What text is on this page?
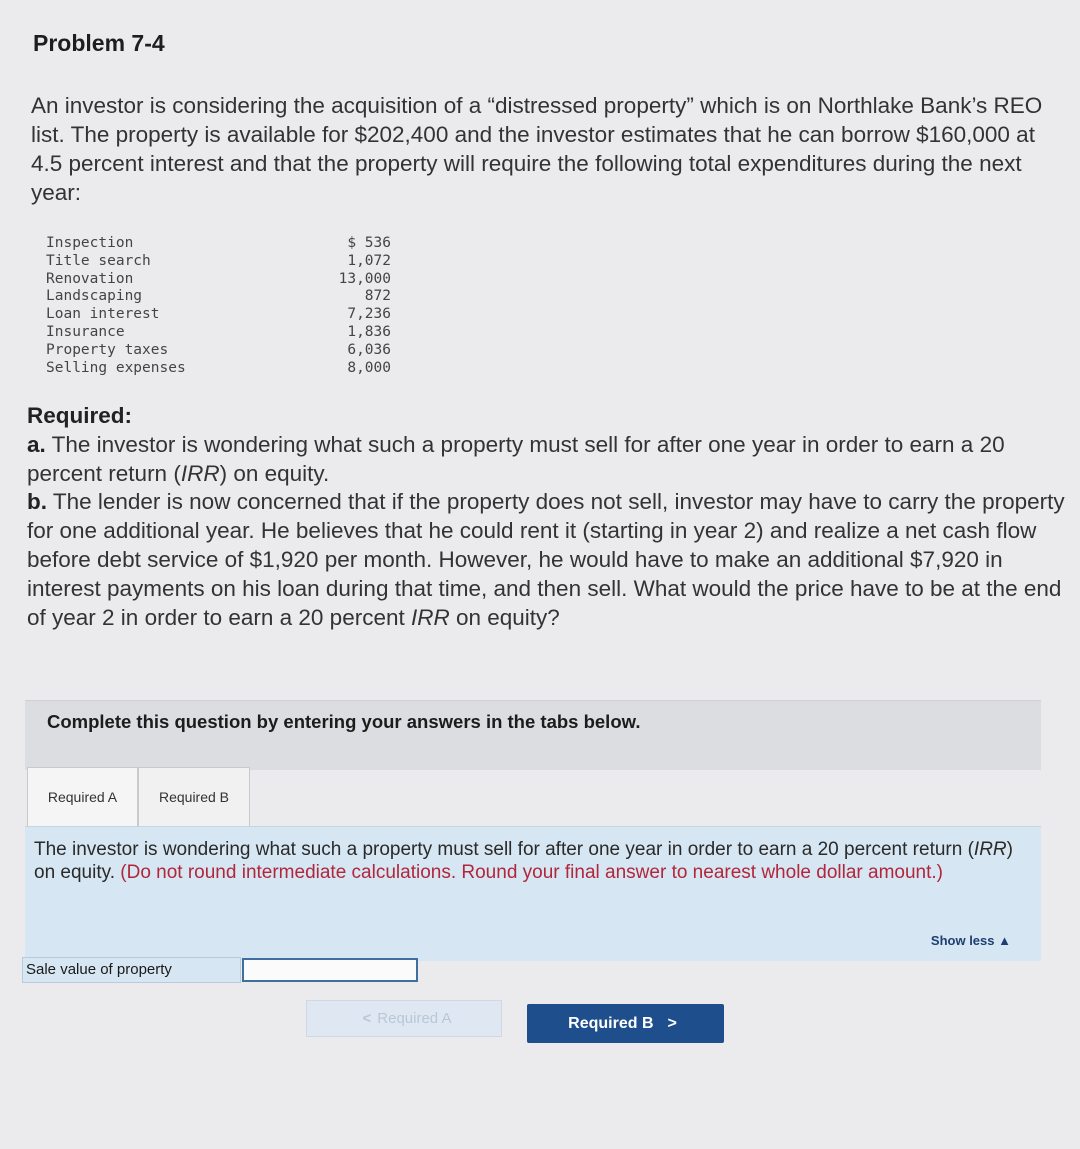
Problem 7-4
An investor is considering the acquisition of a “distressed property” which is on Northlake Bank’s REO list. The property is available for $202,400 and the investor estimates that he can borrow $160,000 at 4.5 percent interest and that the property will require the following total expenditures during the next year:
Inspection	$ 536
Title search	1,072
Renovation	13,000
Landscaping	872
Loan interest	7,236
Insurance	1,836
Property taxes	6,036
Selling expenses	8,000
Required:
a. The investor is wondering what such a property must sell for after one year in order to earn a 20 percent return (IRR) on equity.
b. The lender is now concerned that if the property does not sell, investor may have to carry the property for one additional year. He believes that he could rent it (starting in year 2) and realize a net cash flow before debt service of $1,920 per month. However, he would have to make an additional $7,920 in interest payments on his loan during that time, and then sell. What would the price have to be at the end of year 2 in order to earn a 20 percent IRR on equity?
Complete this question by entering your answers in the tabs below.
Required A	Required B
The investor is wondering what such a property must sell for after one year in order to earn a 20 percent return (IRR) on equity. (Do not round intermediate calculations. Round your final answer to nearest whole dollar amount.)
Show less ▲
Sale value of property
< Required A	Required B >
